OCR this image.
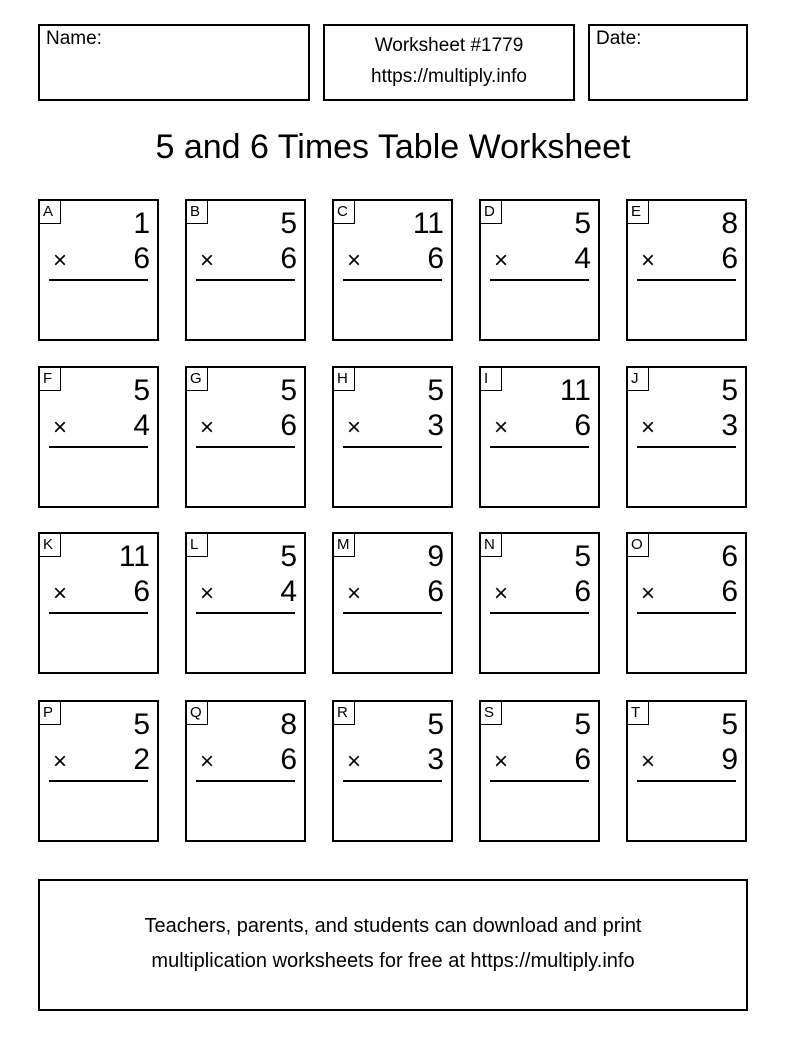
Name:	Worksheet #1779
https://multiply.info
Date:
5 and 6 Times Table Worksheet
A	1
× 6
B	5
× 6
C 11
× 6
D	5
× 4
E	8
× 6
F	5
× 4
G	5
× 6
H	5
× 3
I	11
× 6
J	5
× 3
K 11
× 6
L	5
× 4
M	9
× 6
N	5
× 6
O	6
× 6
P	5
× 2
Q	8
× 6
R	5
× 3
S	5
× 6
T	5
× 9
Teachers, parents, and students can download and print
multiplication worksheets for free at https://multiply.info
